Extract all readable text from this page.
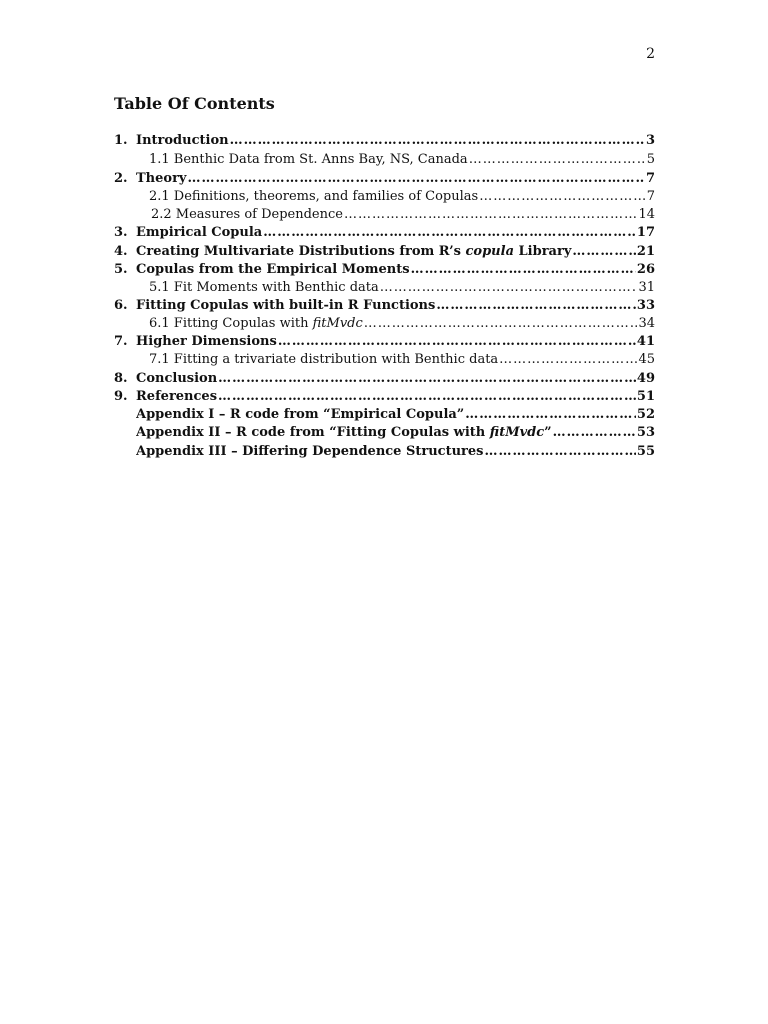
2
Table Of Contents
1. Introduction ………………………………………………………………………………………………………………………………………………………………	3
1.1 Benthic Data from St. Anns Bay, NS, Canada ………………………………………………………………………………………………………………………………………………………………	5
2. Theory ………………………………………………………………………………………………………………………………………………………………	7
2.1 Definitions, theorems, and families of Copulas ………………………………………………………………………………………………………………………………………………………………	7
2.2 Measures of Dependence ………………………………………………………………………………………………………………………………………………………………	14
3. Empirical Copula ………………………………………………………………………………………………………………………………………………………………	17
4. Creating Multivariate Distributions from R’s copula Library ………………………………………………………………………………………………………………………………………………………………	21
5. Copulas from the Empirical Moments ………………………………………………………………………………………………………………………………………………………………	26
5.1 Fit Moments with Benthic data ………………………………………………………………………………………………………………………………………………………………	31
6. Fitting Copulas with built-in R Functions ………………………………………………………………………………………………………………………………………………………………	33
6.1 Fitting Copulas with fitMvdc ………………………………………………………………………………………………………………………………………………………………	34
7. Higher Dimensions ………………………………………………………………………………………………………………………………………………………………	41
7.1 Fitting a trivariate distribution with Benthic data ………………………………………………………………………………………………………………………………………………………………	45
8. Conclusion ………………………………………………………………………………………………………………………………………………………………	49
9. References ………………………………………………………………………………………………………………………………………………………………	51
Appendix I – R code from “Empirical Copula” ………………………………………………………………………………………………………………………………………………………………	52
Appendix II – R code from “Fitting Copulas with fitMvdc” ………………………………………………………………………………………………………………………………………………………………	53
Appendix III – Differing Dependence Structures ………………………………………………………………………………………………………………………………………………………………	55
